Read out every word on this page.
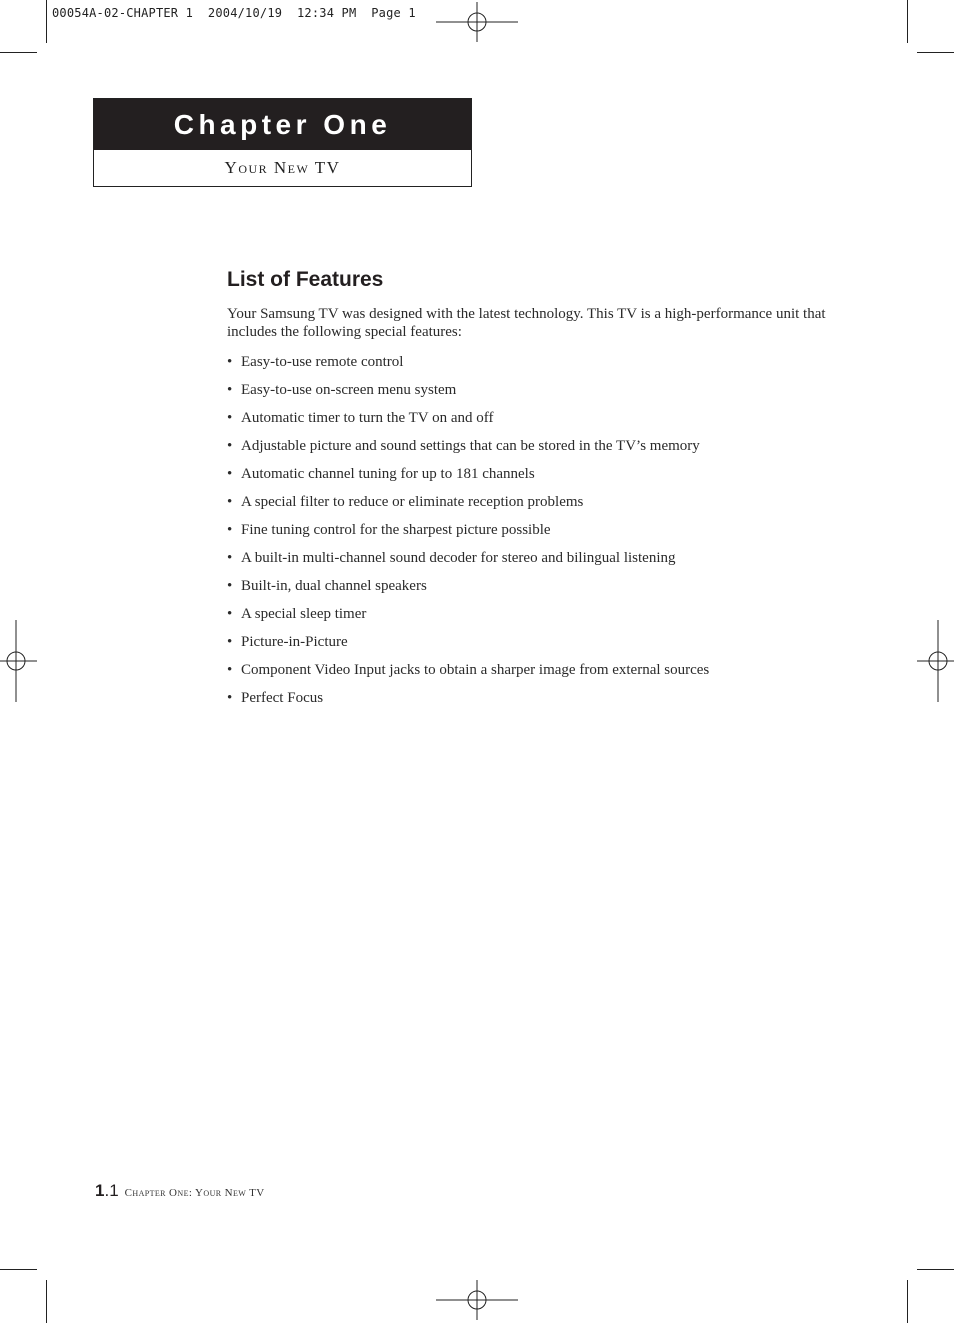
00054A-02-CHAPTER 1  2004/10/19  12:34 PM  Page 1
Chapter One
Your New TV
List of Features

Your Samsung TV was designed with the latest technology. This TV is a high-performance unit that includes the following special features:

• Easy-to-use remote control
• Easy-to-use on-screen menu system
• Automatic timer to turn the TV on and off
• Adjustable picture and sound settings that can be stored in the TV’s memory
• Automatic channel tuning for up to 181 channels
• A special filter to reduce or eliminate reception problems
• Fine tuning control for the sharpest picture possible
• A built-in multi-channel sound decoder for stereo and bilingual listening
• Built-in, dual channel speakers
• A special sleep timer
• Picture-in-Picture
• Component Video Input jacks to obtain a sharper image from external sources
• Perfect Focus
1.1 Chapter One: Your New TV
